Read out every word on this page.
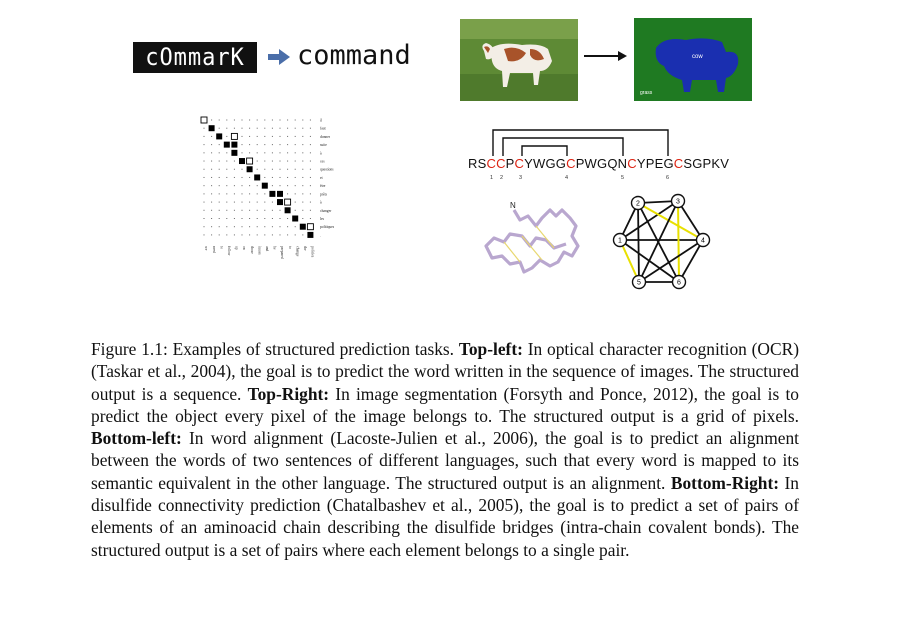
cOmmarK command	cow
grass
il
faut
donner
suite
à
ces
questions
et
être
prêts
à
changer
les
politiques
.
we need to follow up on those issues and be prepared to change the policies
RSCCPCYWGGCPWGQNCYPEGCSGPKV
1 2	3	4	5	6
N
1
2	3
4
5	6
Figure 1.1: Examples of structured prediction tasks. Top-left: In optical character recognition (OCR) (Taskar et al., 2004), the goal is to predict the word written in the sequence of images. The structured output is a sequence. Top-Right: In image segmentation (Forsyth and Ponce, 2012), the goal is to predict the object every pixel of the image belongs to. The structured output is a grid of pixels. Bottom-left: In word alignment (Lacoste-Julien et al., 2006), the goal is to predict an alignment between the words of two sentences of different languages, such that every word is mapped to its semantic equivalent in the other language. The structured output is an alignment. Bottom-Right: In disulfide connectivity prediction (Chatalbashev et al., 2005), the goal is to predict a set of pairs of elements of an aminoacid chain describing the disulfide bridges (intra-chain covalent bonds). The structured output is a set of pairs where each element belongs to a single pair.
